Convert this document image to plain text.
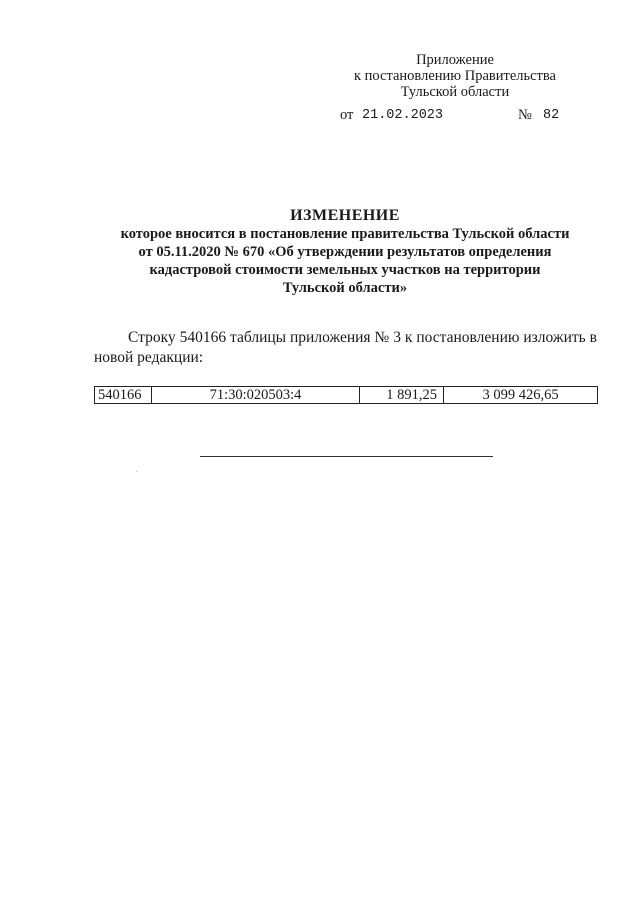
Приложение
к постановлению Правительства
Тульской области
от 21.02.2023	№ 82
ИЗМЕНЕНИЕ
которое вносится в постановление правительства Тульской области
от 05.11.2020 № 670 «Об утверждении результатов определения
кадастровой стоимости земельных участков на территории
Тульской области»
Строку 540166 таблицы приложения № 3 к постановлению изложить в новой редакции:
540166	71:30:020503:4	1 891,25	3 099 426,65
